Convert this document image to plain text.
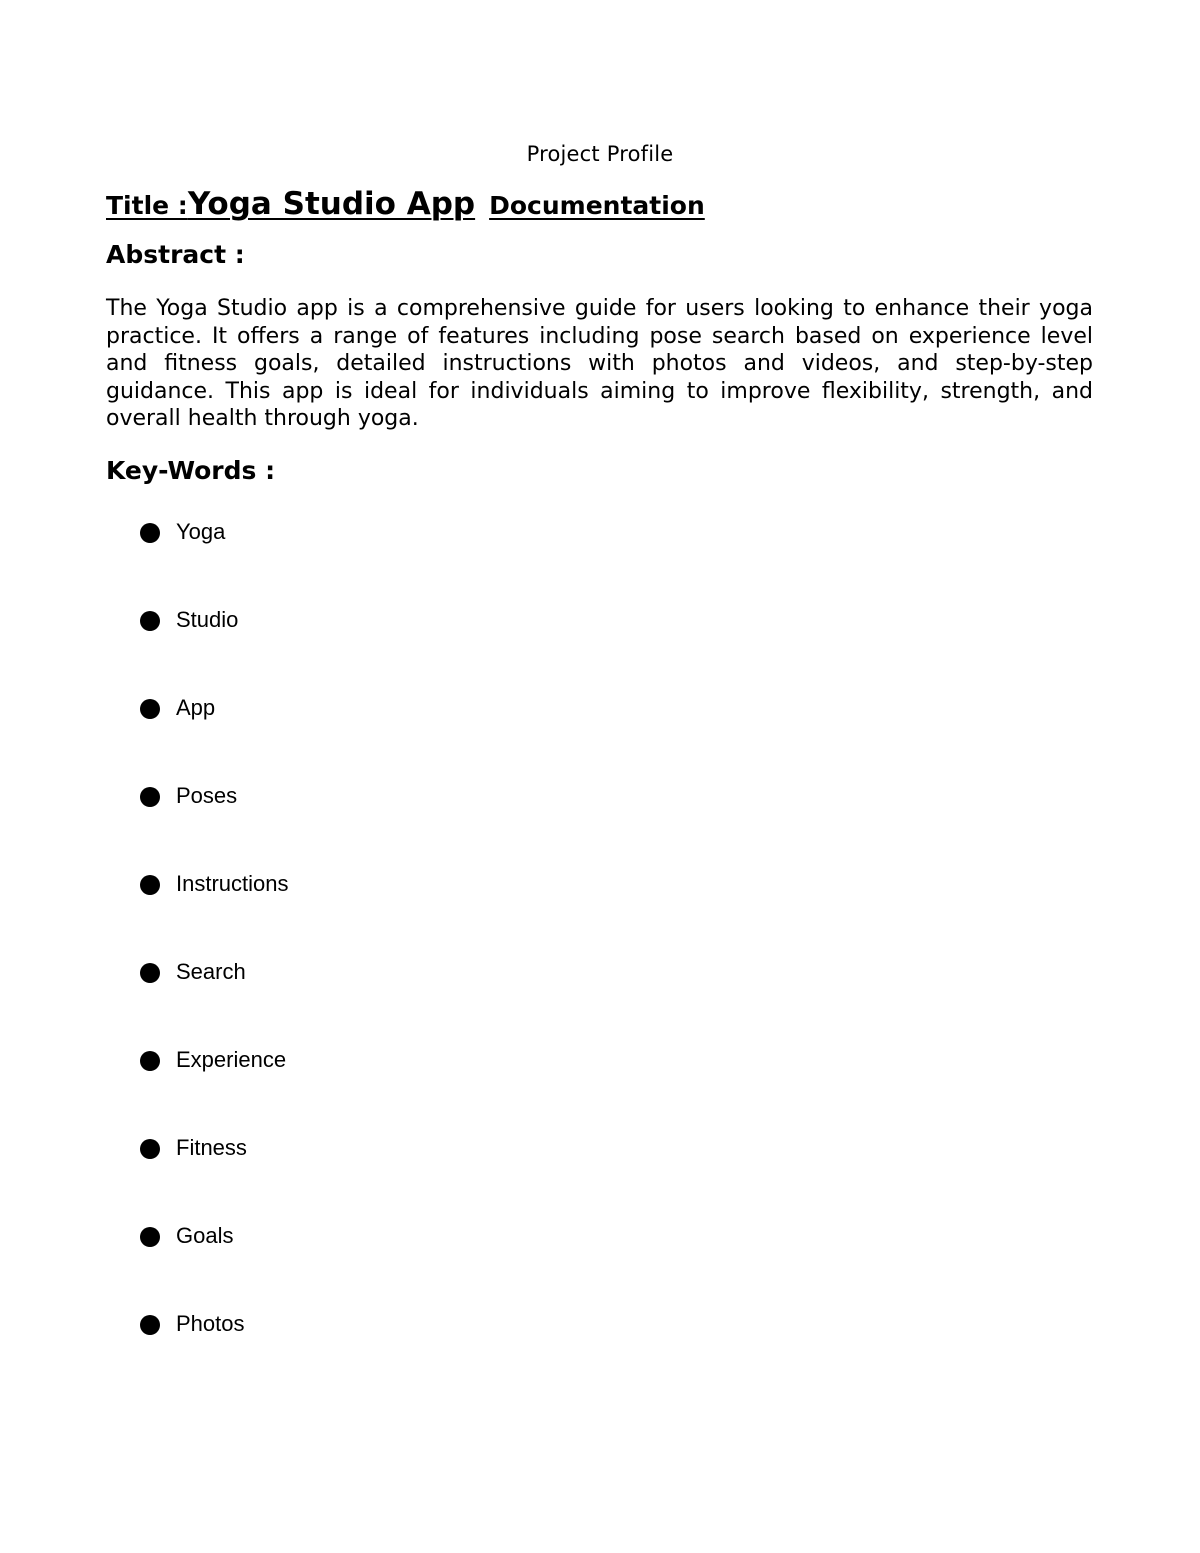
Project Profile
Title :Yoga Studio App Documentation
Abstract :
The Yoga Studio app is a comprehensive guide for users looking to enhance their yoga practice. It offers a range of features including pose search based on experience level and fitness goals, detailed instructions with photos and videos, and step-by-step guidance. This app is ideal for individuals aiming to improve flexibility, strength, and overall health through yoga.
Key-Words :
Yoga
Studio
App
Poses
Instructions
Search
Experience
Fitness
Goals
Photos
